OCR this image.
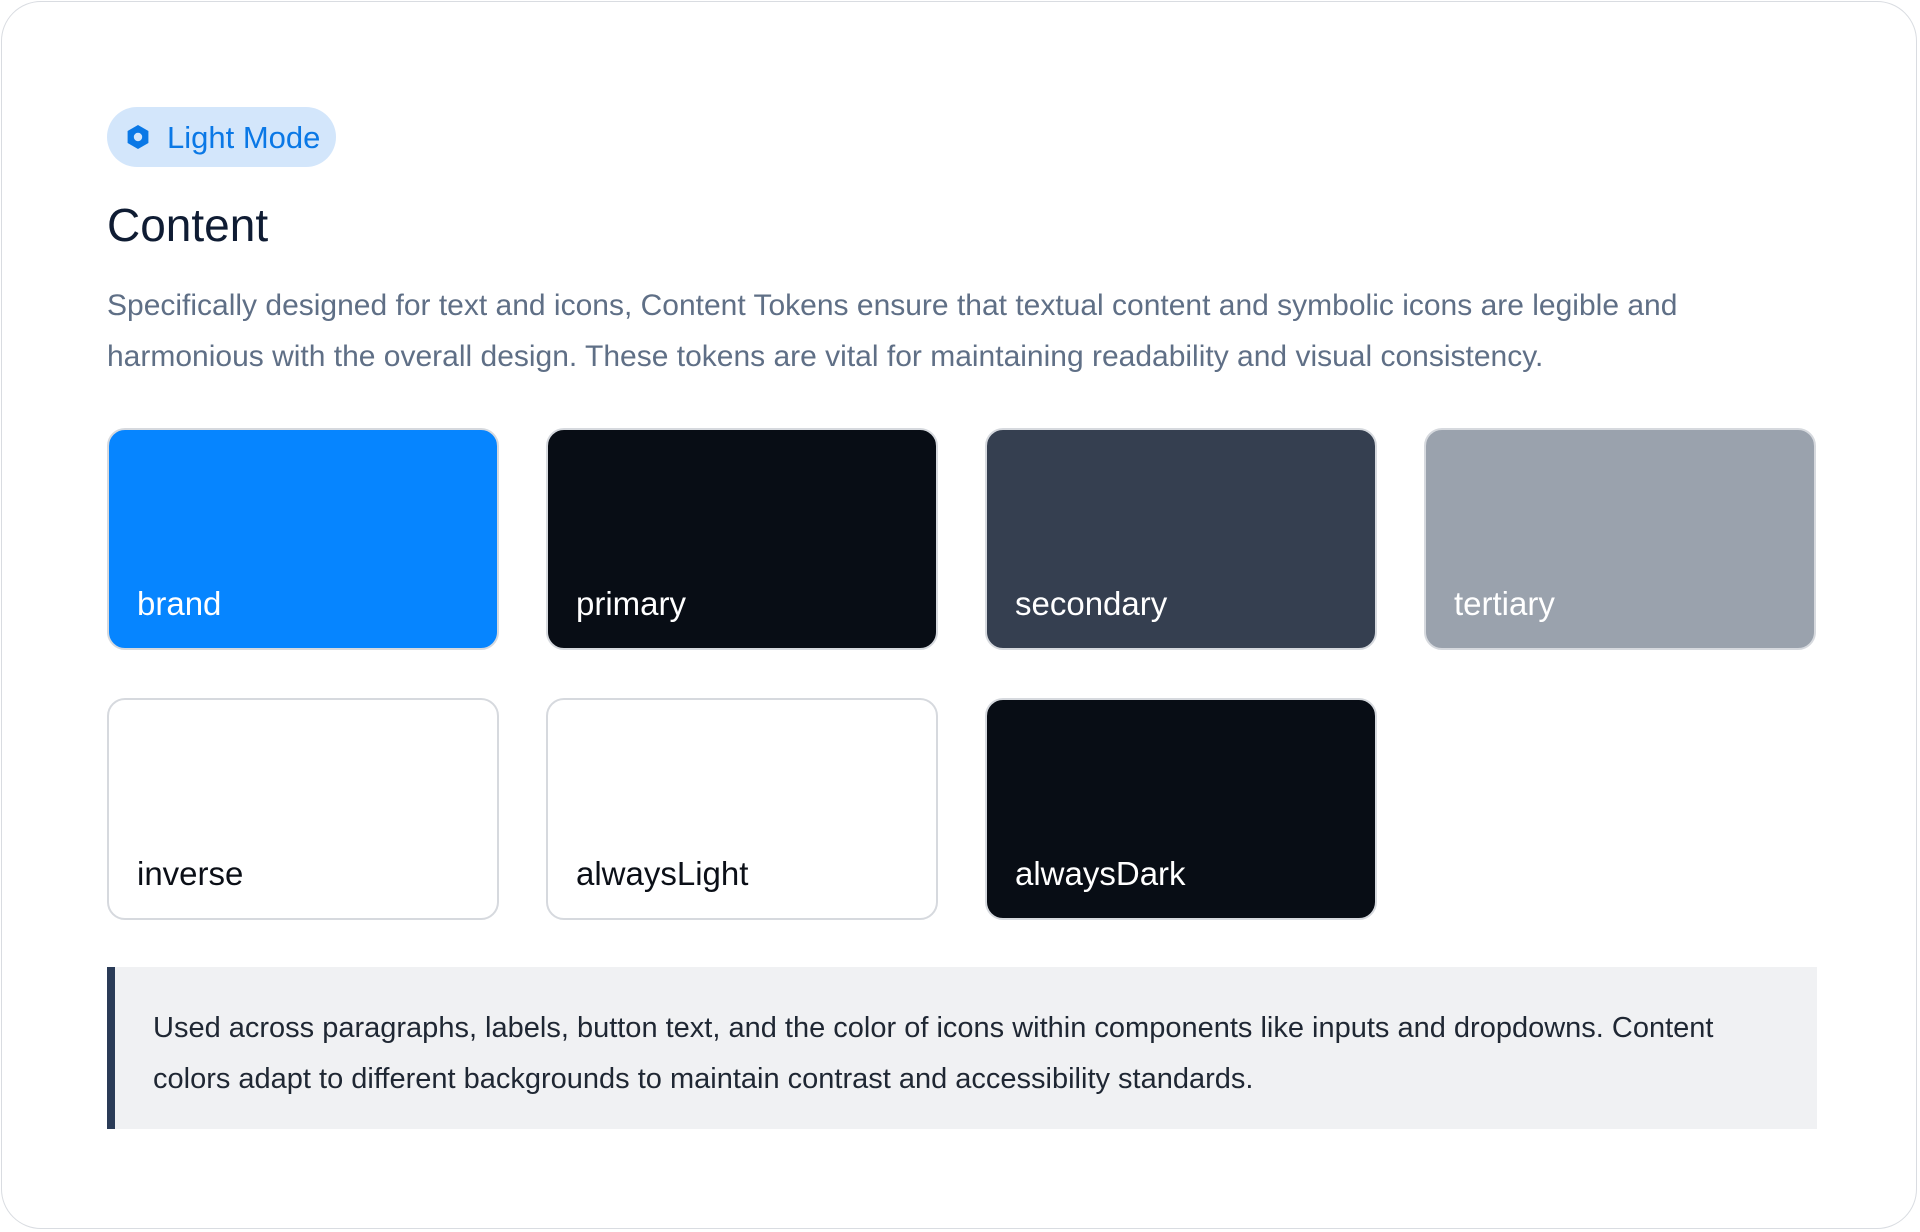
Light Mode
Content

Specifically designed for text and icons, Content Tokens ensure that textual content and symbolic icons are legible and harmonious with the overall design. These tokens are vital for maintaining readability and visual consistency.

brand	primary	secondary	tertiary
inverse	alwaysLight	alwaysDark

Used across paragraphs, labels, button text, and the color of icons within components like inputs and dropdowns. Content colors adapt to different backgrounds to maintain contrast and accessibility standards.
